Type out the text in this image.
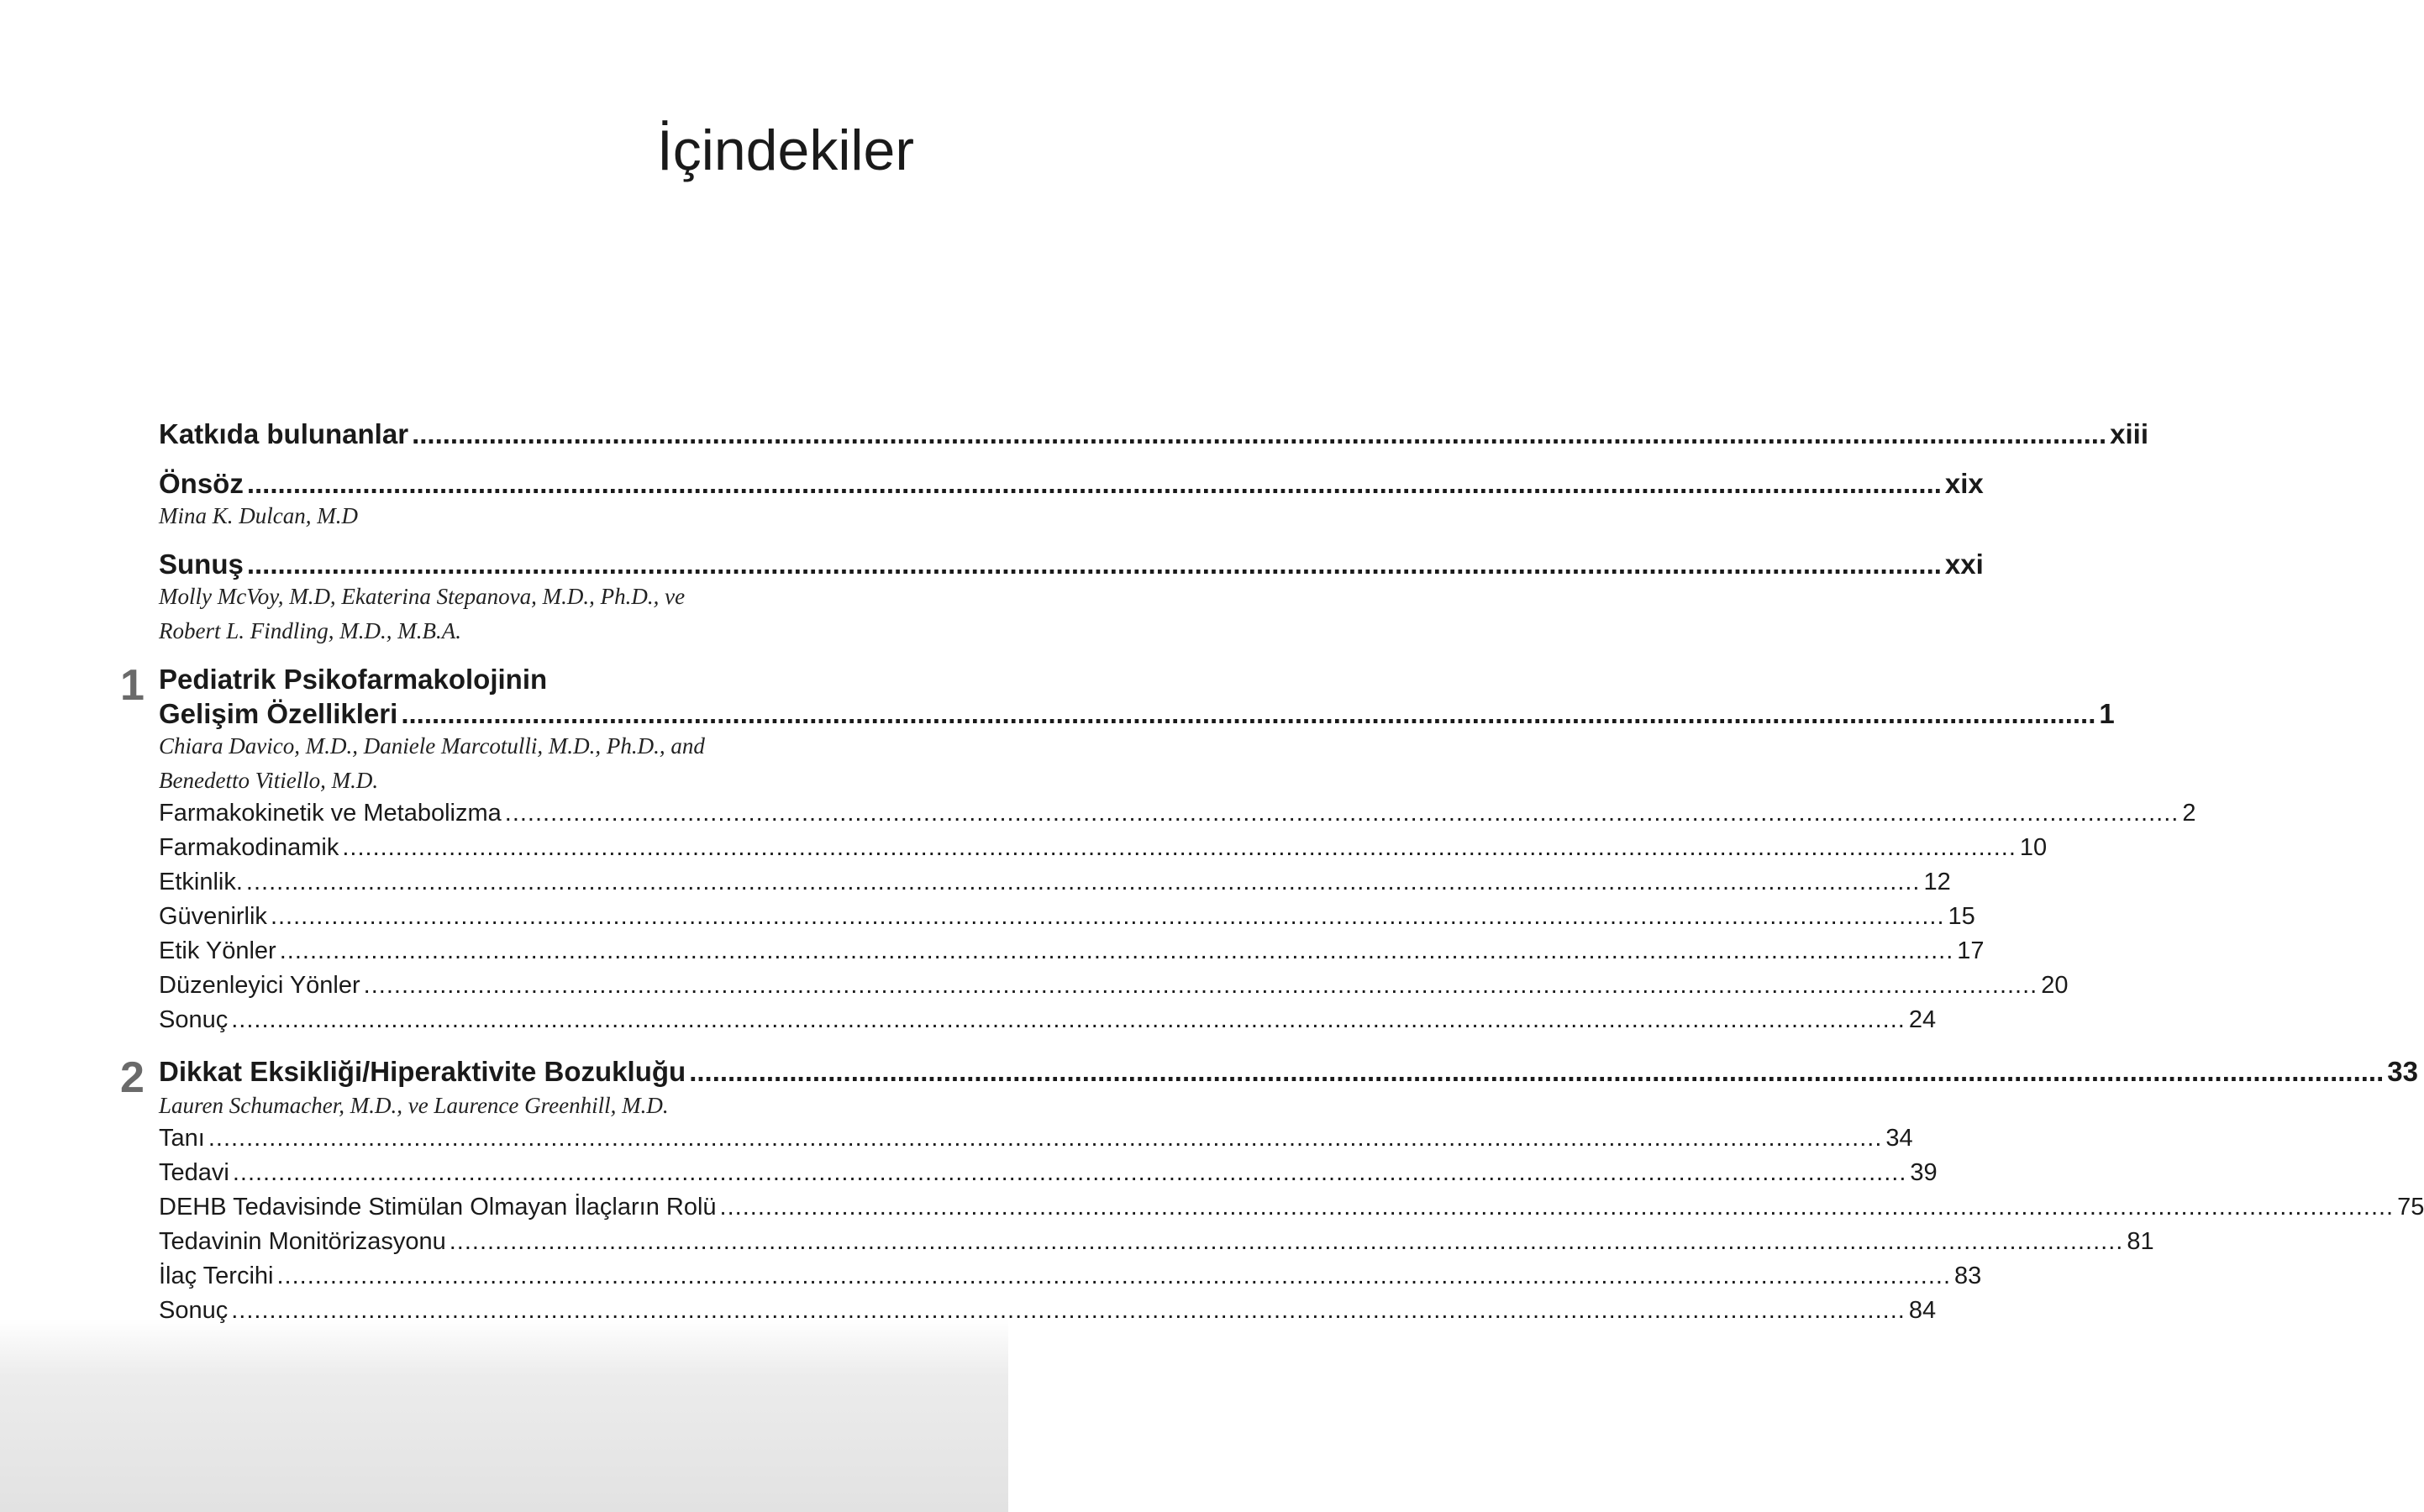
İçindekiler
Katkıda bulunanlar ............................................................................................................................................................................................................................ xiii
Önsöz ............................................................................................................................................................................................................................ xix
Mina K. Dulcan, M.D
Sunuş ............................................................................................................................................................................................................................ xxi
Molly McVoy, M.D, Ekaterina Stepanova, M.D., Ph.D., ve
Robert L. Findling, M.D., M.B.A.
1 Pediatrik Psikofarmakolojinin
Gelişim Özellikleri ............................................................................................................................................................................................................................ 1
Chiara Davico, M.D., Daniele Marcotulli, M.D., Ph.D., and
Benedetto Vitiello, M.D.
Farmakokinetik ve Metabolizma ............................................................................................................................................................................................................................ 2
Farmakodinamik ............................................................................................................................................................................................................................ 10
Etkinlik. ............................................................................................................................................................................................................................ 12
Güvenirlik ............................................................................................................................................................................................................................ 15
Etik Yönler ............................................................................................................................................................................................................................ 17
Düzenleyici Yönler ............................................................................................................................................................................................................................ 20
Sonuç ............................................................................................................................................................................................................................ 24
2 Dikkat Eksikliği/Hiperaktivite Bozukluğu ............................................................................................................................................................................................................................ 33
Lauren Schumacher, M.D., ve Laurence Greenhill, M.D.
Tanı ............................................................................................................................................................................................................................ 34
Tedavi ............................................................................................................................................................................................................................ 39
DEHB Tedavisinde Stimülan Olmayan İlaçların Rolü ............................................................................................................................................................................................................................ 75
Tedavinin Monitörizasyonu ............................................................................................................................................................................................................................ 81
İlaç Tercihi ............................................................................................................................................................................................................................ 83
Sonuç ............................................................................................................................................................................................................................ 84
